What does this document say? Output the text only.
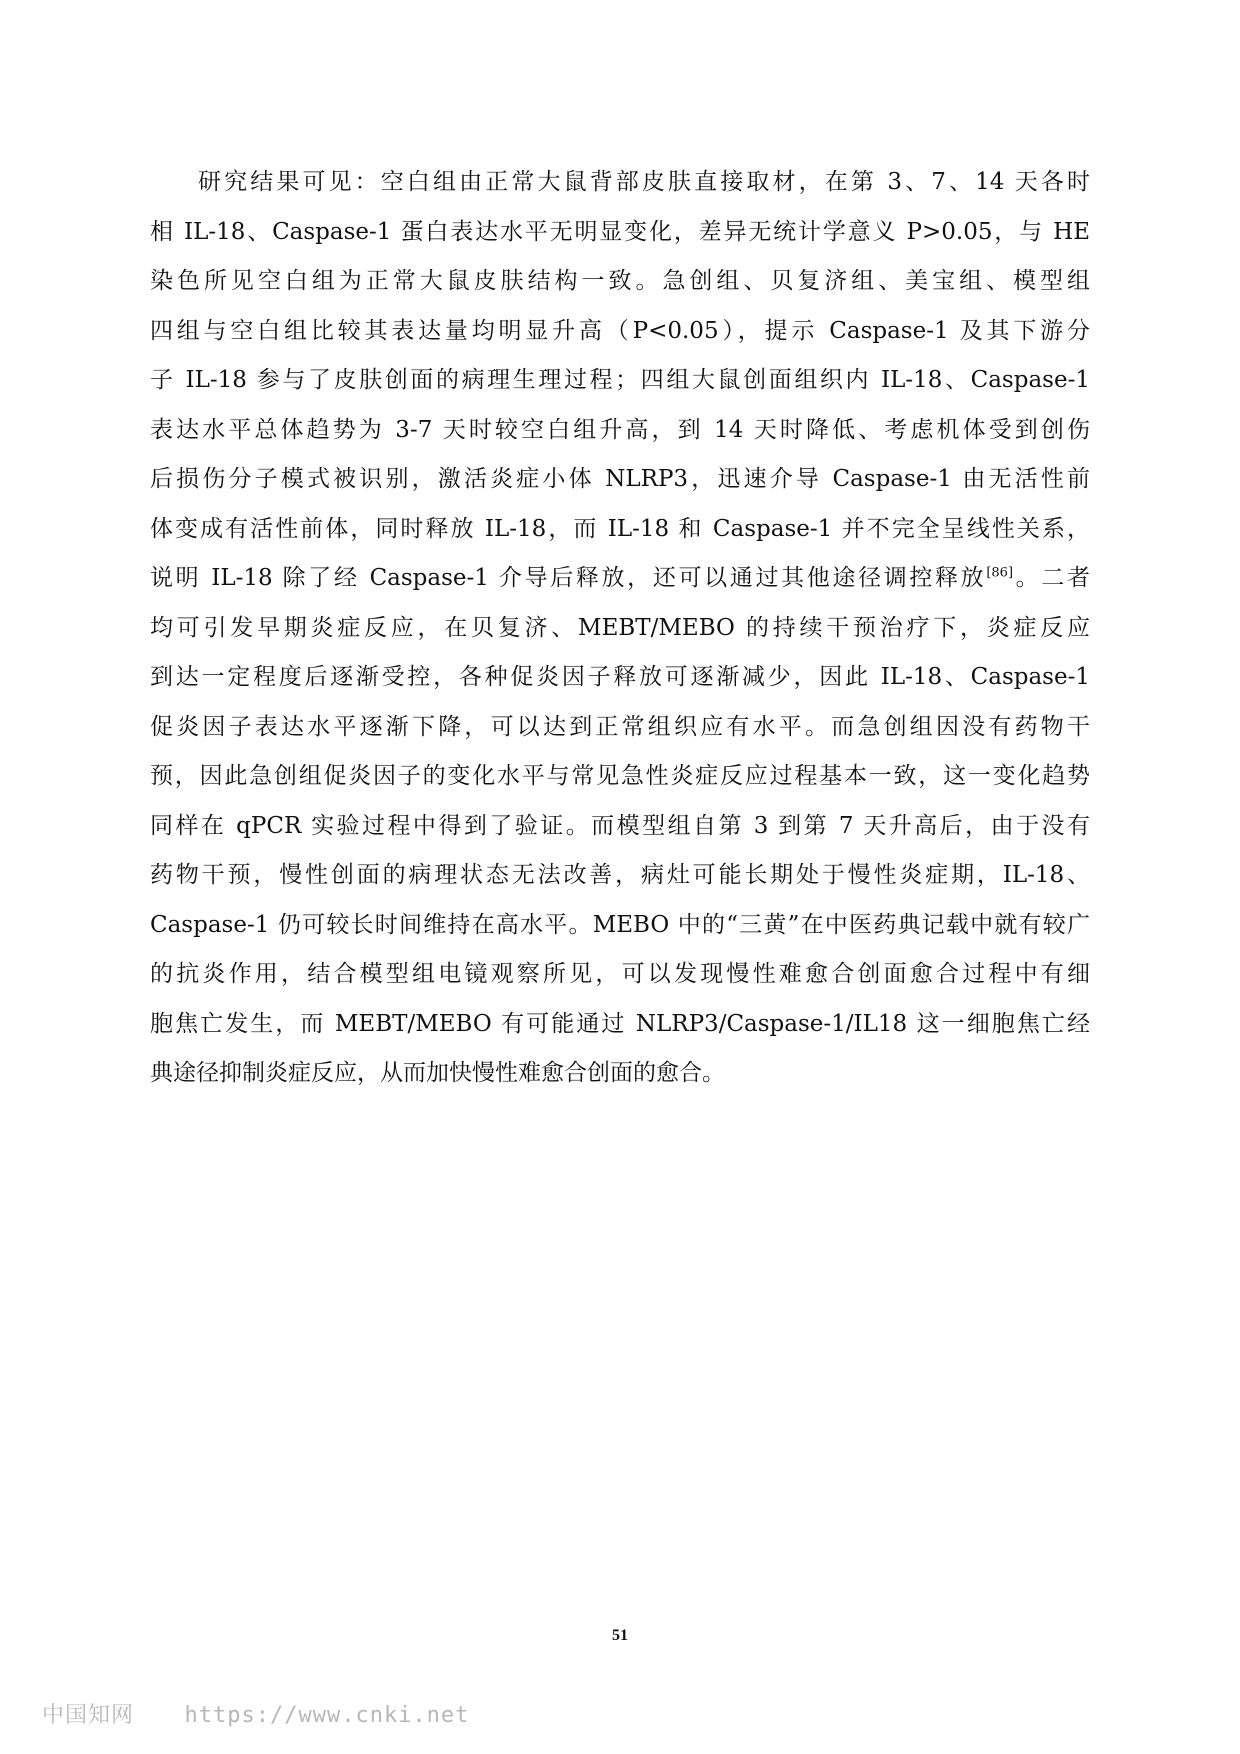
研究结果可见：空白组由正常大鼠背部皮肤直接取材，在第 3、7、14 天各时
相 IL-18、Caspase-1 蛋白表达水平无明显变化，差异无统计学意义 P>0.05，与 HE
染色所见空白组为正常大鼠皮肤结构一致。急创组、贝复济组、美宝组、模型组
四组与空白组比较其表达量均明显升高（P<0.05），提示 Caspase-1 及其下游分
子 IL-18 参与了皮肤创面的病理生理过程；四组大鼠创面组织内 IL-18、Caspase-1
表达水平总体趋势为 3-7 天时较空白组升高，到 14 天时降低、考虑机体受到创伤
后损伤分子模式被识别，激活炎症小体 NLRP3，迅速介导 Caspase-1 由无活性前
体变成有活性前体，同时释放 IL-18，而 IL-18 和 Caspase-1 并不完全呈线性关系，
说明 IL-18 除了经 Caspase-1 介导后释放，还可以通过其他途径调控释放[86]。二者
均可引发早期炎症反应，在贝复济、MEBT/MEBO 的持续干预治疗下，炎症反应
到达一定程度后逐渐受控，各种促炎因子释放可逐渐减少，因此 IL-18、Caspase-1
促炎因子表达水平逐渐下降，可以达到正常组织应有水平。而急创组因没有药物干
预，因此急创组促炎因子的变化水平与常见急性炎症反应过程基本一致，这一变化趋势
同样在 qPCR 实验过程中得到了验证。而模型组自第 3 到第 7 天升高后，由于没有
药物干预，慢性创面的病理状态无法改善，病灶可能长期处于慢性炎症期，IL-18、
Caspase-1 仍可较长时间维持在高水平。MEBO 中的“三黄”在中医药典记载中就有较广
的抗炎作用，结合模型组电镜观察所见，可以发现慢性难愈合创面愈合过程中有细
胞焦亡发生，而 MEBT/MEBO 有可能通过 NLRP3/Caspase-1/IL18 这一细胞焦亡经
典途径抑制炎症反应，从而加快慢性难愈合创面的愈合。
51
中国知网 https://www.cnki.net
